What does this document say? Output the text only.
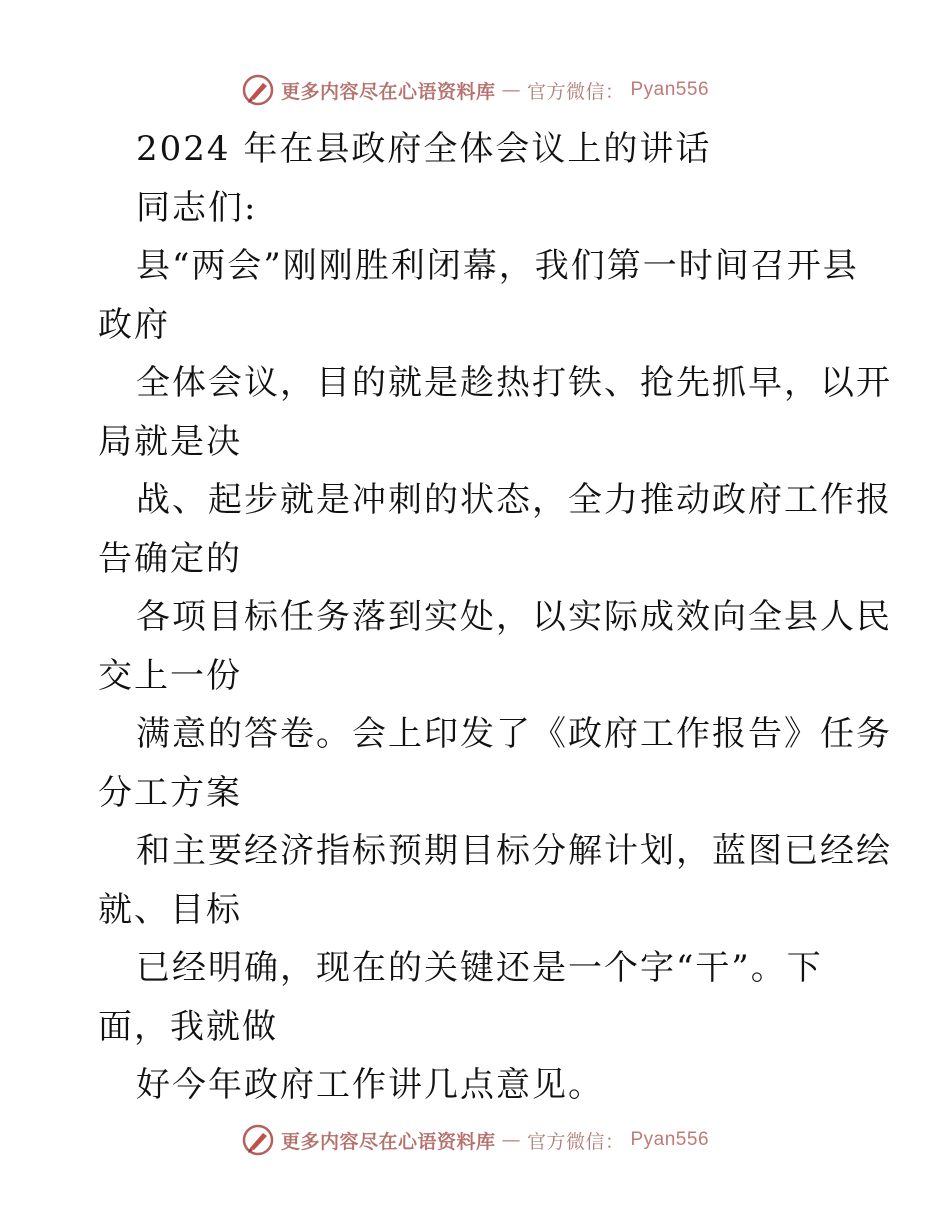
更多内容尽在心语资料库 — 官方微信： Pyan556
2024 年在县政府全体会议上的讲话
同志们:
县“两会”刚刚胜利闭幕，我们第一时间召开县
政府
全体会议，目的就是趁热打铁、抢先抓早，以开
局就是决
战、起步就是冲刺的状态，全力推动政府工作报
告确定的
各项目标任务落到实处，以实际成效向全县人民
交上一份
满意的答卷。会上印发了《政府工作报告》任务
分工方案
和主要经济指标预期目标分解计划，蓝图已经绘
就、目标
已经明确，现在的关键还是一个字“干”。下
面，我就做
好今年政府工作讲几点意见。
更多内容尽在心语资料库 — 官方微信： Pyan556
